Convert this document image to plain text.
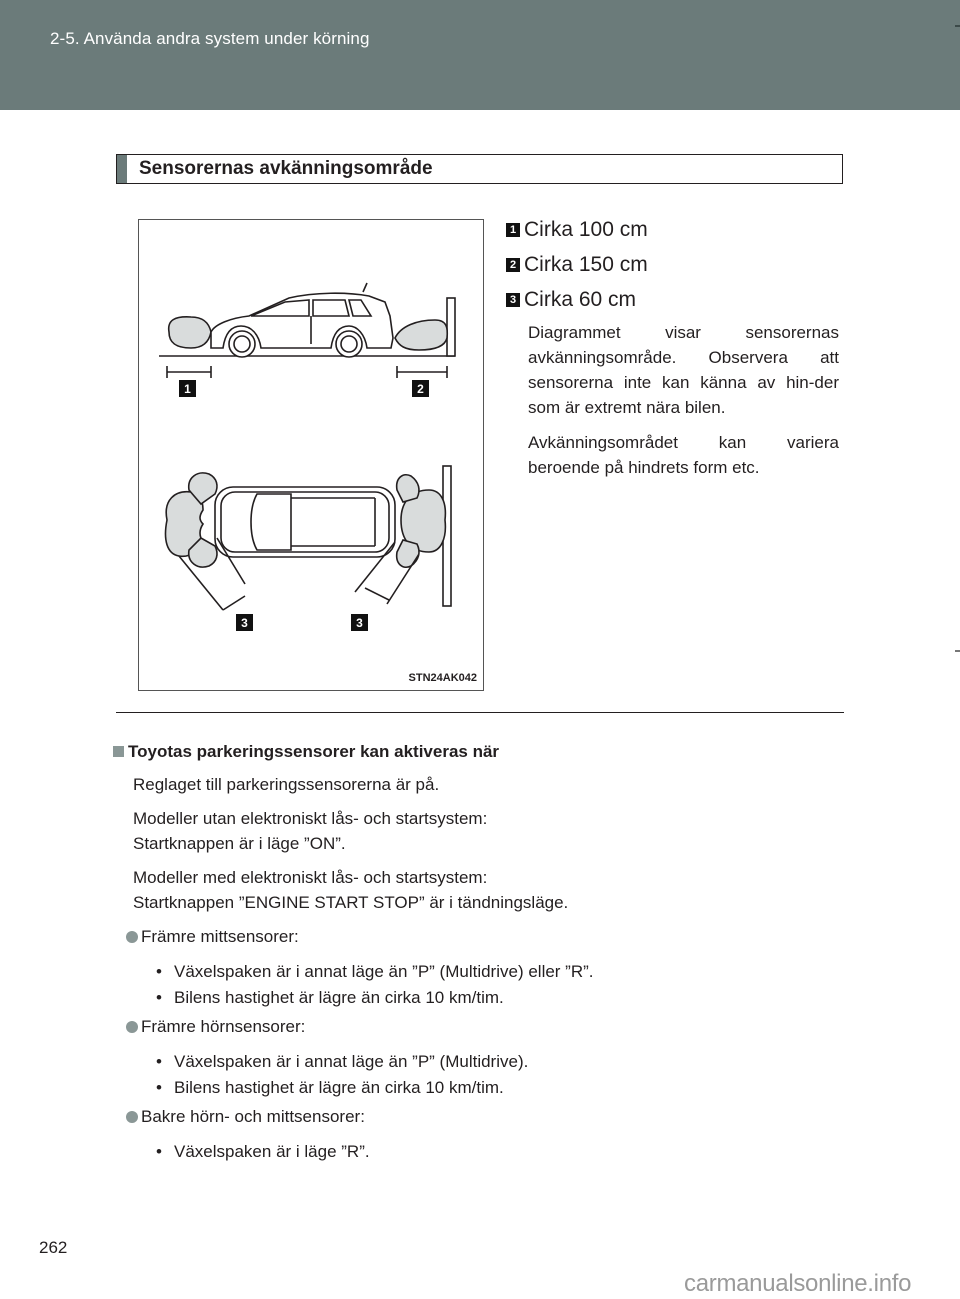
2-5. Använda andra system under körning
Sensorernas avkänningsområde
1	2
3	3
STN24AK042
1 Cirka 100 cm
2 Cirka 150 cm
3 Cirka 60 cm

Diagrammet visar sensorernas avkänningsområde. Observera att sensorerna inte kan känna av hin-der som är extremt nära bilen.

Avkänningsområdet kan variera beroende på hindrets form etc.

Toyotas parkeringssensorer kan aktiveras när
Reglaget till parkeringssensorerna är på.
Modeller utan elektroniskt lås- och startsystem:
Startknappen är i läge ”ON”.
Modeller med elektroniskt lås- och startsystem:
Startknappen ”ENGINE START STOP” är i tändningsläge.
Främre mittsensorer:
• Växelspaken är i annat läge än ”P” (Multidrive) eller ”R”.
• Bilens hastighet är lägre än cirka 10 km/tim.
Främre hörnsensorer:
• Växelspaken är i annat läge än ”P” (Multidrive).
• Bilens hastighet är lägre än cirka 10 km/tim.
Bakre hörn- och mittsensorer:
• Växelspaken är i läge ”R”.
262
carmanualsonline.info
